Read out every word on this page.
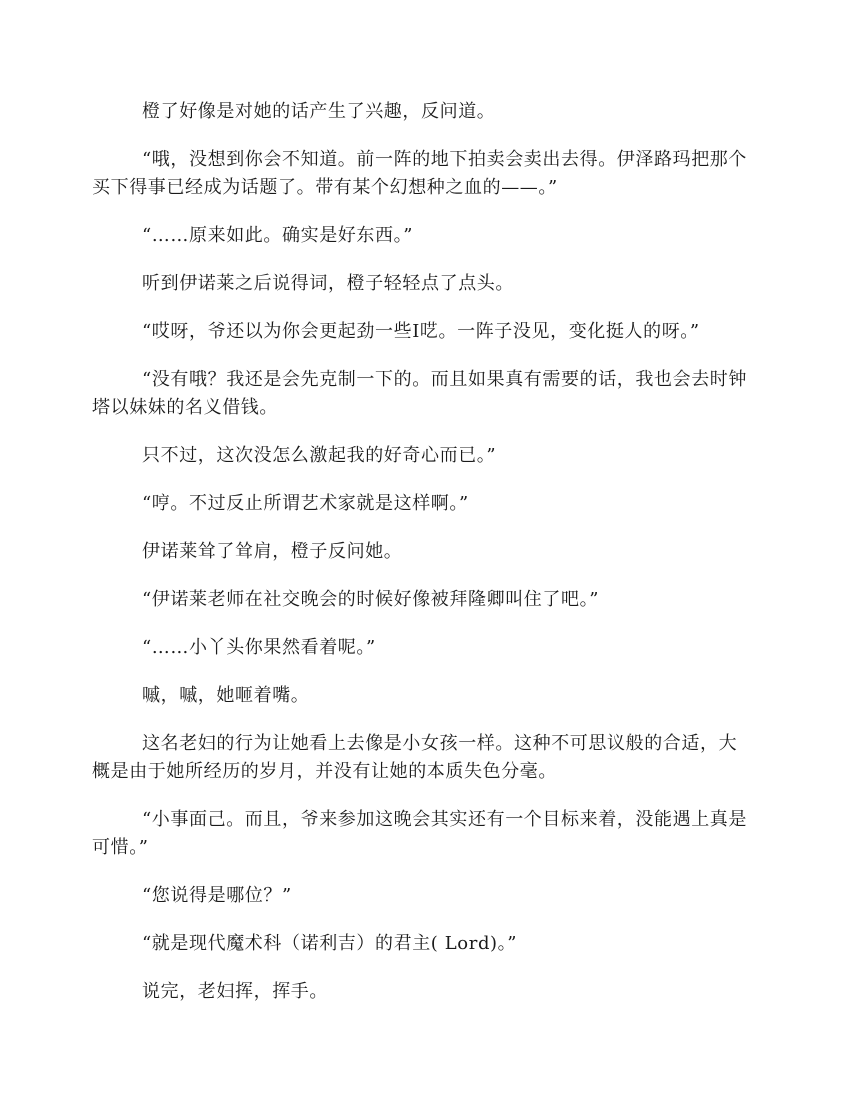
橙了好像是对她的话产生了兴趣，反问道。

“哦，没想到你会不知道。前一阵的地下拍卖会卖出去得。伊泽路玛把那个买下得事已经成为话题了。带有某个幻想种之血的——。”

“……原来如此。确实是好东西。”

听到伊诺莱之后说得词，橙子轻轻点了点头。

“哎呀，爷还以为你会更起劲一些I呓。一阵子没见，变化挺人的呀。”

“没有哦？我还是会先克制一下的。而且如果真有需要的话，我也会去时钟塔以妹妹的名义借钱。

只不过，这次没怎么激起我的好奇心而已。”

“哼。不过反止所谓艺术家就是这样啊。”

伊诺莱耸了耸肩，橙子反问她。

“伊诺莱老师在社交晚会的时候好像被拜隆卿叫住了吧。”

“……小丫头你果然看着呢。”

嘁，嘁，她咂着嘴。

这名老妇的行为让她看上去像是小女孩一样。这种不可思议般的合适，大概是由于她所经历的岁月，并没有让她的本质失色分毫。

“小事面己。而且，爷来参加这晚会其实还有一个目标来着，没能遇上真是可惜。”

“您说得是哪位？”

“就是现代魔术科（诺利吉）的君主( Lord)。”

说完，老妇挥，挥手。
